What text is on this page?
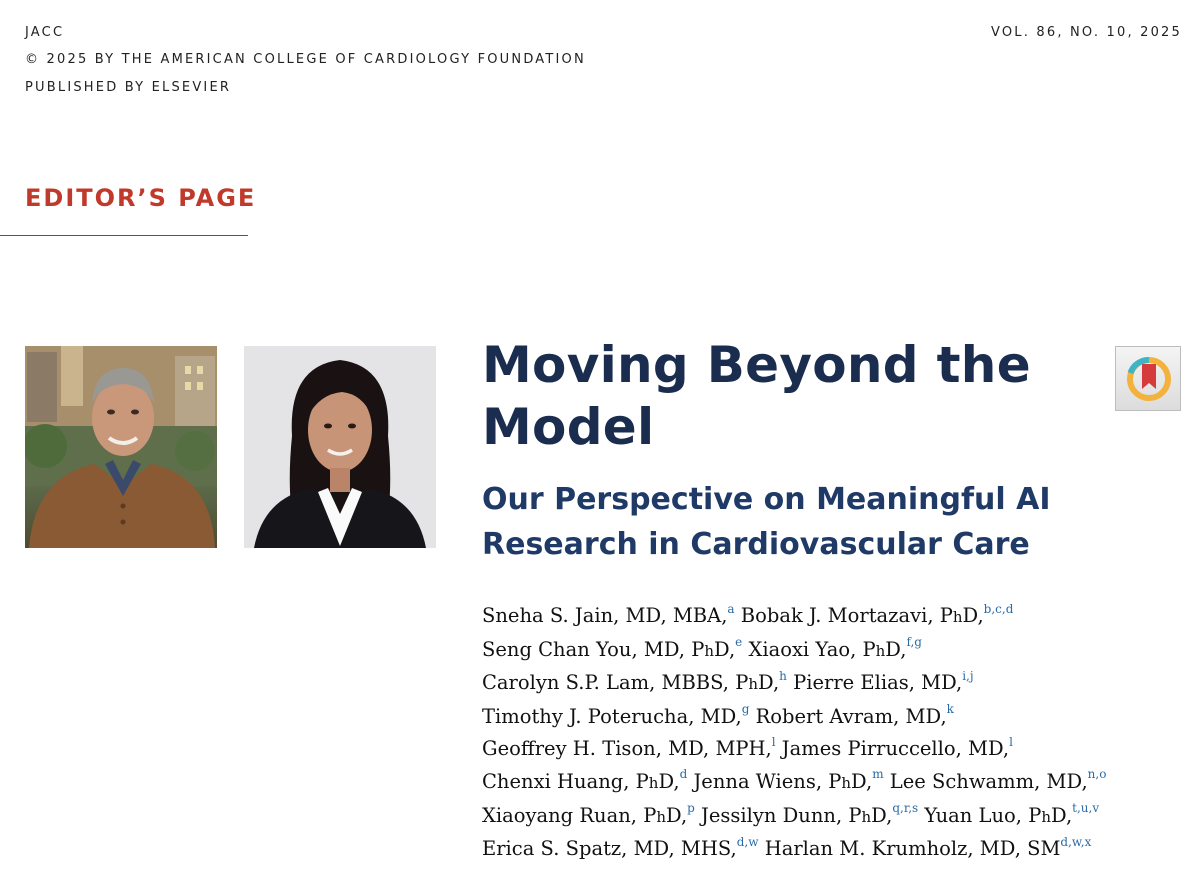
JACC
© 2025 BY THE AMERICAN COLLEGE OF CARDIOLOGY FOUNDATION
PUBLISHED BY ELSEVIER
VOL. 86, NO. 10, 2025
EDITOR’S PAGE
Moving Beyond the Model
Our Perspective on Meaningful AI Research in Cardiovascular Care
Sneha S. Jain, MD, MBA,$^a$ Bobak J. Mortazavi, PhD,$^{b,c,d}$
Seng Chan You, MD, PhD,$^e$ Xiaoxi Yao, PhD,$^{f,g}$
Carolyn S.P. Lam, MBBS, PhD,$^h$ Pierre Elias, MD,$^{i,j}$
Timothy J. Poterucha, MD,$^g$ Robert Avram, MD,$^k$
Geoffrey H. Tison, MD, MPH,$^l$ James Pirruccello, MD,$^l$
Chenxi Huang, PhD,$^d$ Jenna Wiens, PhD,$^m$ Lee Schwamm, MD,$^{n,o}$
Xiaoyang Ruan, PhD,$^p$ Jessilyn Dunn, PhD,$^{q,r,s}$ Yuan Luo, PhD,$^{t,u,v}$
Erica S. Spatz, MD, MHS,$^{d,w}$ Harlan M. Krumholz, MD, SM$^{d,w,x}$
